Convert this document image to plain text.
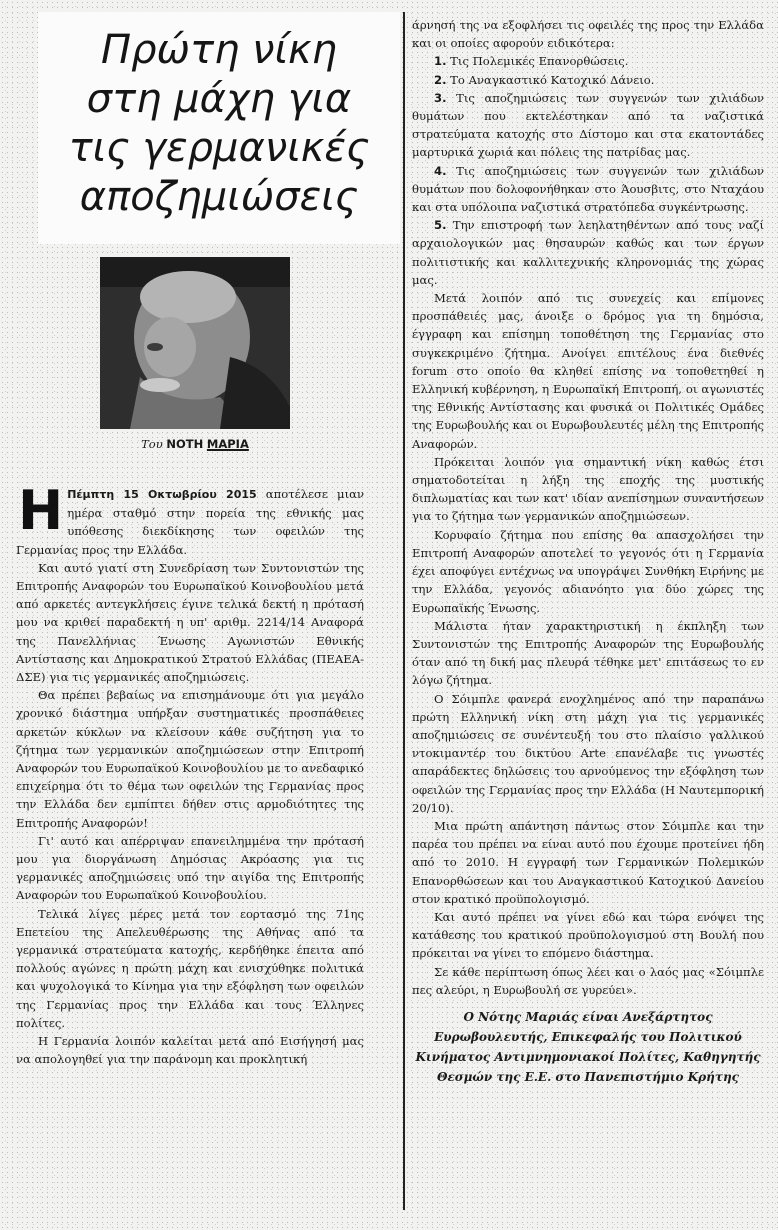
Πρώτη νίκη
στη μάχη για
τις γερμανικές
αποζημιώσεις
Του ΝΟΤΗ ΜΑΡΙΑ

Η Πέμπτη 15 Οκτωβρίου 2015 αποτέλεσε μιαν ημέρα σταθμό στην πορεία της εθνικής μας υπόθεσης διεκδίκησης των οφειλών της Γερμανίας προς την Ελλάδα.

Και αυτό γιατί στη Συνεδρίαση των Συντονιστών της Επιτροπής Αναφορών του Ευρωπαϊκού Κοινοβουλίου μετά από αρκετές αντεγκλήσεις έγινε τελικά δεκτή η πρότασή μου να κριθεί παραδεκτή η υπ' αριθμ. 2214/14 Αναφορά της Πανελλήνιας Ένωσης Αγωνιστών Εθνικής Αντίστασης και Δημοκρατικού Στρατού Ελλάδας (ΠΕΑΕΑ-ΔΣΕ) για τις γερμανικές αποζημιώσεις.

Θα πρέπει βεβαίως να επισημάνουμε ότι για μεγάλο χρονικό διάστημα υπήρξαν συστηματικές προσπάθειες αρκετών κύκλων να κλείσουν κάθε συζήτηση για το ζήτημα των γερμανικών αποζημιώσεων στην Επιτροπή Αναφορών του Ευρωπαϊκού Κοινοβουλίου με το ανεδαφικό επιχείρημα ότι το θέμα των οφειλών της Γερμανίας προς την Ελλάδα δεν εμπίπτει δήθεν στις αρμοδιότητες της Επιτροπής Αναφορών!

Γι' αυτό και απέρριψαν επανειλημμένα την πρότασή μου για διοργάνωση Δημόσιας Ακρόασης για τις γερμανικές αποζημιώσεις υπό την αιγίδα της Επιτροπής Αναφορών του Ευρωπαϊκού Κοινοβουλίου.

Τελικά λίγες μέρες μετά τον εορτασμό της 71ης Επετείου της Απελευθέρωσης της Αθήνας από τα γερμανικά στρατεύματα κατοχής, κερδήθηκε έπειτα από πολλούς αγώνες η πρώτη μάχη και ενισχύθηκε πολιτικά και ψυχολογικά το Κίνημα για την εξόφληση των οφειλών της Γερμανίας προς την Ελλάδα και τους Έλληνες πολίτες.

Η Γερμανία λοιπόν καλείται μετά από Εισήγησή μας να απολογηθεί για την παράνομη και προκλητική

άρνησή της να εξοφλήσει τις οφειλές της προς την Ελλάδα και οι οποίες αφορούν ειδικότερα:

1. Τις Πολεμικές Επανορθώσεις.

2. Το Αναγκαστικό Κατοχικό Δάνειο.

3. Τις αποζημιώσεις των συγγενών των χιλιάδων θυμάτων που εκτελέστηκαν από τα ναζιστικά στρατεύματα κατοχής στο Δίστομο και στα εκατοντάδες μαρτυρικά χωριά και πόλεις της πατρίδας μας.

4. Τις αποζημιώσεις των συγγενών των χιλιάδων θυμάτων που δολοφονήθηκαν στο Άουσβιτς, στο Νταχάου και στα υπόλοιπα ναζιστικά στρατόπεδα συγκέντρωσης.

5. Την επιστροφή των λεηλατηθέντων από τους ναζί αρχαιολογικών μας θησαυρών καθώς και των έργων πολιτιστικής και καλλιτεχνικής κληρονομιάς της χώρας μας.

Μετά λοιπόν από τις συνεχείς και επίμονες προσπάθειές μας, άνοιξε ο δρόμος για τη δημόσια, έγγραφη και επίσημη τοποθέτηση της Γερμανίας στο συγκεκριμένο ζήτημα. Ανοίγει επιτέλους ένα διεθνές forum στο οποίο θα κληθεί επίσης να τοποθετηθεί η Ελληνική κυβέρνηση, η Ευρωπαϊκή Επιτροπή, οι αγωνιστές της Εθνικής Αντίστασης και φυσικά οι Πολιτικές Ομάδες της Ευρωβουλής και οι Ευρωβουλευτές μέλη της Επιτροπής Αναφορών.

Πρόκειται λοιπόν για σημαντική νίκη καθώς έτσι σηματοδοτείται η λήξη της εποχής της μυστικής διπλωματίας και των κατ' ιδίαν ανεπίσημων συναντήσεων για το ζήτημα των γερμανικών αποζημιώσεων.

Κορυφαίο ζήτημα που επίσης θα απασχολήσει την Επιτροπή Αναφορών αποτελεί το γεγονός ότι η Γερμανία έχει αποφύγει εντέχνως να υπογράψει Συνθήκη Ειρήνης με την Ελλάδα, γεγονός αδιανόητο για δύο χώρες της Ευρωπαϊκής Ένωσης.

Μάλιστα ήταν χαρακτηριστική η έκπληξη των Συντονιστών της Επιτροπής Αναφορών της Ευρωβουλής όταν από τη δική μας πλευρά τέθηκε μετ' επιτάσεως το εν λόγω ζήτημα.

Ο Σόιμπλε φανερά ενοχλημένος από την παραπάνω πρώτη Ελληνική νίκη στη μάχη για τις γερμανικές αποζημιώσεις σε συνέντευξή του στο πλαίσιο γαλλικού ντοκιμαντέρ του δικτύου Arte επανέλαβε τις γνωστές απαράδεκτες δηλώσεις του αρνούμενος την εξόφληση των οφειλών της Γερμανίας προς την Ελλάδα (Η Ναυτεμπορική 20/10).

Μια πρώτη απάντηση πάντως στον Σόιμπλε και την παρέα του πρέπει να είναι αυτό που έχουμε προτείνει ήδη από το 2010. Η εγγραφή των Γερμανικών Πολεμικών Επανορθώσεων και του Αναγκαστικού Κατοχικού Δανείου στον κρατικό προϋπολογισμό.

Και αυτό πρέπει να γίνει εδώ και τώρα ενόψει της κατάθεσης του κρατικού προϋπολογισμού στη Βουλή που πρόκειται να γίνει το επόμενο διάστημα.

Σε κάθε περίπτωση όπως λέει και ο λαός μας «Σόιμπλε πες αλεύρι, η Ευρωβουλή σε γυρεύει».

Ο Νότης Μαριάς είναι Ανεξάρτητος Ευρωβουλευτής, Επικεφαλής του Πολιτικού Κινήματος Αντιμνημονιακοί Πολίτες, Καθηγητής Θεσμών της Ε.Ε. στο Πανεπιστήμιο Κρήτης
